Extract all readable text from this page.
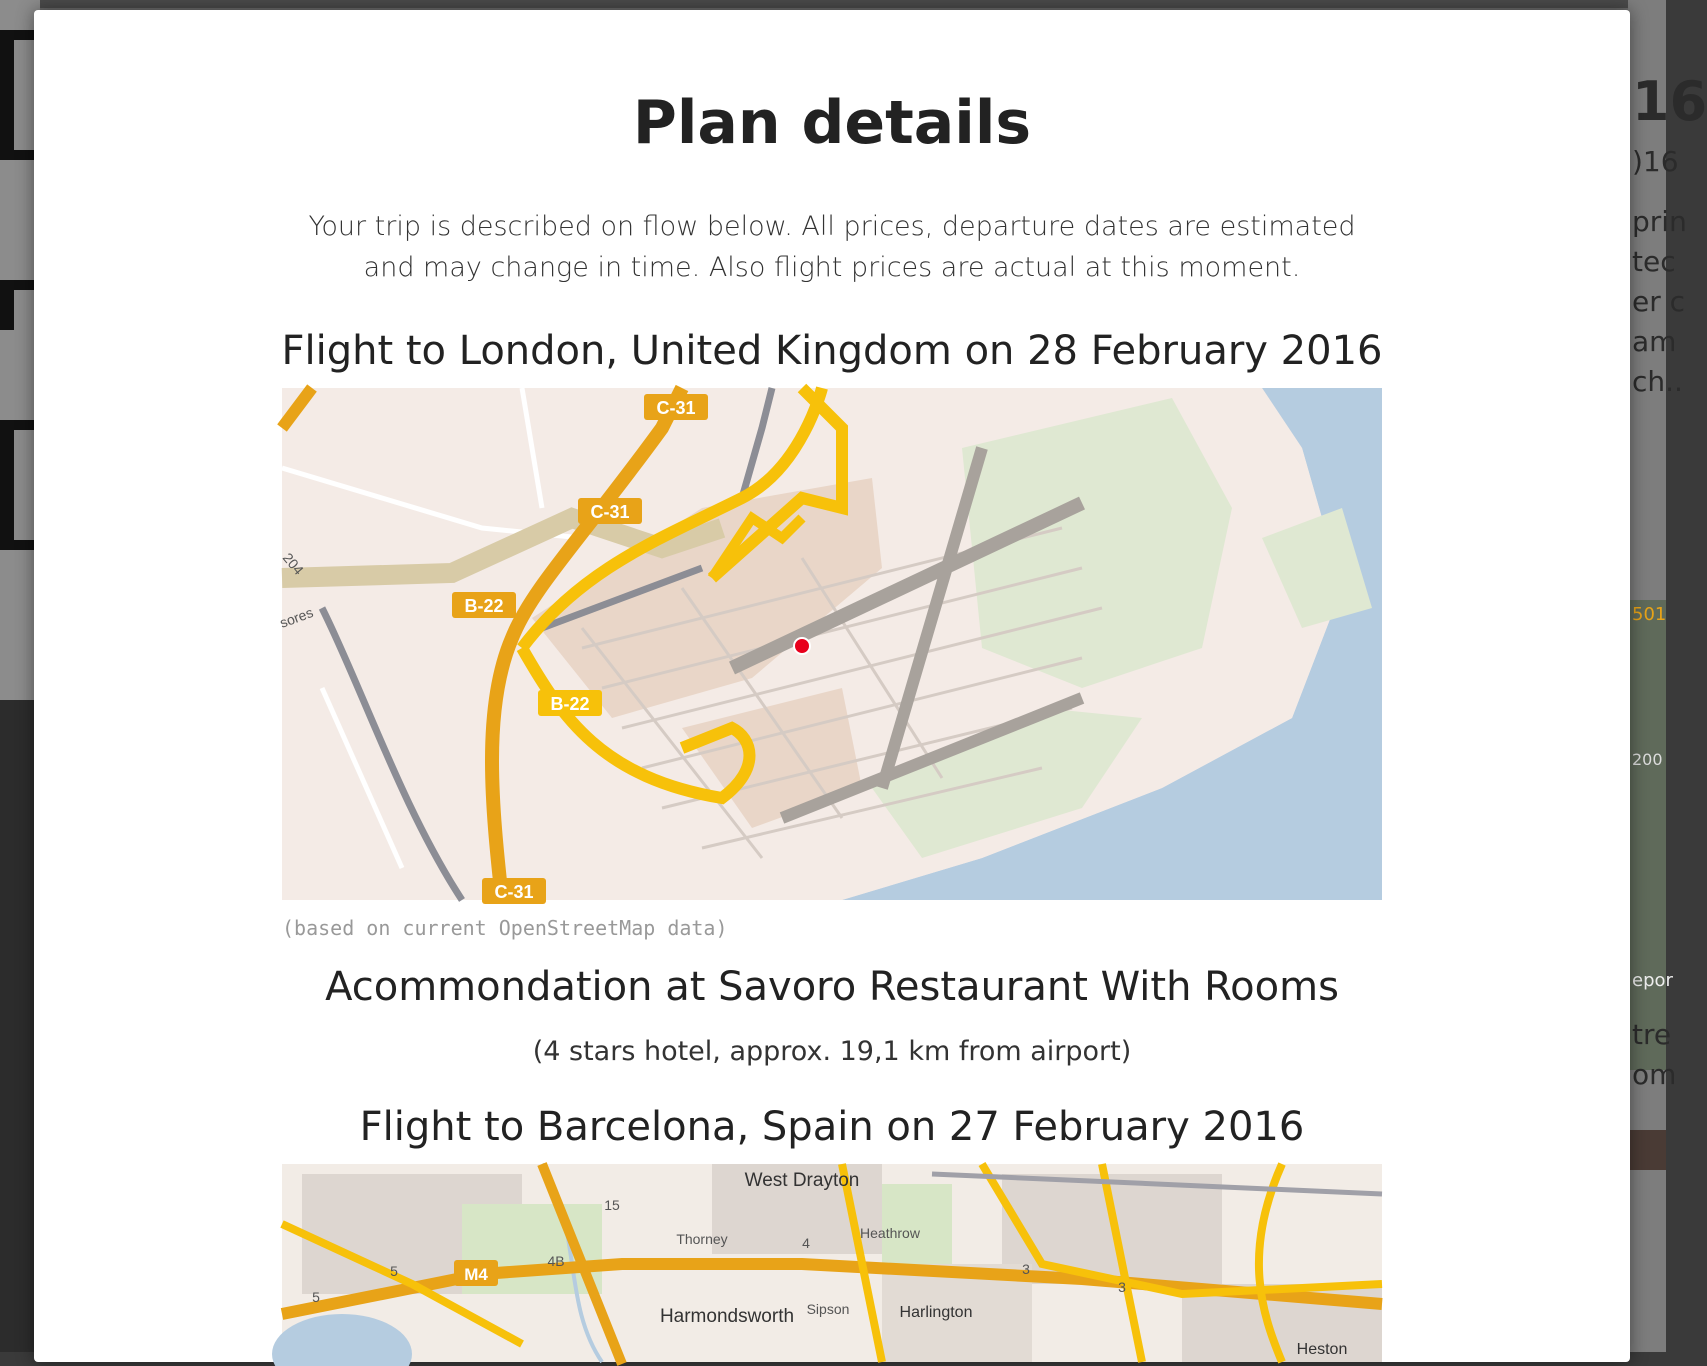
16
)16
prin
tec
er c
am
ch..
501
200
epor
tre
om
Plan details
Your trip is described on flow below. All prices, departure dates are estimated and may change in time. Also flight prices are actual at this moment.
Flight to London, United Kingdom on 28 February 2016
C-31
C-31
B-22
B-22
C-31
204
sores
(based on current OpenStreetMap data)
Acommondation at Savoro Restaurant With Rooms
(4 stars hotel, approx. 19,1 km from airport)
Flight to Barcelona, Spain on 27 February 2016
M4
West Drayton
Harmondsworth	Harlington
Heston
Thorney	Heathrow
Sipson
15
4B
4
5
5
3
3
